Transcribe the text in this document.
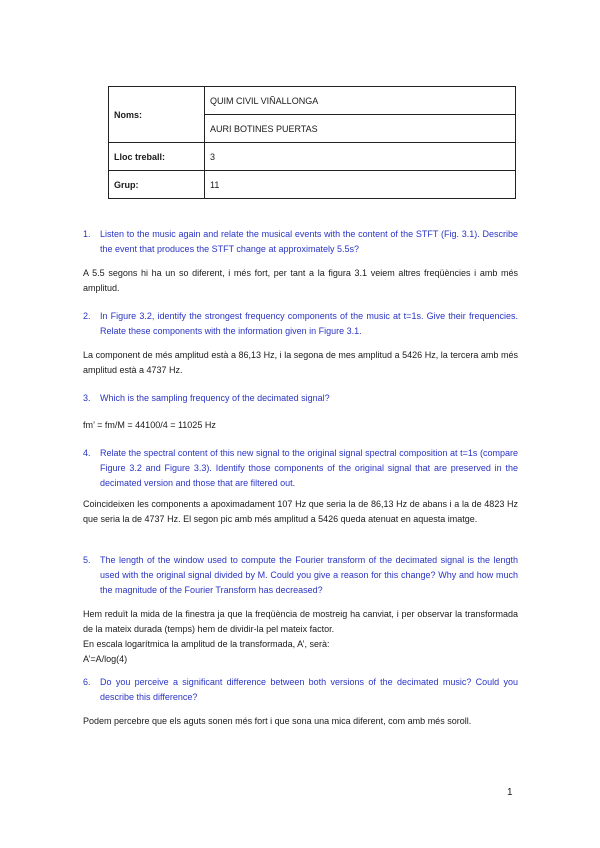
Noms:	QUIM CIVIL VIÑALLONGA
	AURI BOTINES PUERTAS
Lloc treball:	3
Grup:	11
1. Listen to the music again and relate the musical events with the content of the STFT (Fig. 3.1). Describe the event that produces the STFT change at approximately 5.5s?

A 5.5 segons hi ha un so diferent, i més fort, per tant a la figura 3.1 veiem altres freqüències i amb més amplitud.

2. In Figure 3.2, identify the strongest frequency components of the music at t=1s. Give their frequencies. Relate these components with the information given in Figure 3.1.

La component de més amplitud està a 86,13 Hz, i la segona de mes amplitud a 5426 Hz, la tercera amb més amplitud està a 4737 Hz.

3. Which is the sampling frequency of the decimated signal?

fm’ = fm/M = 44100/4 = 11025 Hz

4. Relate the spectral content of this new signal to the original signal spectral composition at t=1s (compare Figure 3.2 and Figure 3.3). Identify those components of the original signal that are preserved in the decimated version and those that are filtered out.

Coincideixen les components a apoximadament 107 Hz que seria la de 86,13 Hz de abans i a la de 4823 Hz que seria la de 4737 Hz. El segon pic amb més amplitud a 5426 queda atenuat en aquesta imatge.

5. The length of the window used to compute the Fourier transform of the decimated signal is the length used with the original signal divided by M. Could you give a reason for this change? Why and how much the magnitude of the Fourier Transform has decreased?

Hem reduït la mida de la finestra ja que la freqüència de mostreig ha canviat, i per observar la transformada de la mateix durada (temps) hem de dividir-la pel mateix factor.

En escala logarítmica la amplitud de la transformada, A’, serà:

A’=A/log(4)

6. Do you perceive a significant difference between both versions of the decimated music? Could you describe this difference?

Podem percebre que els aguts sonen més fort i que sona una mica diferent, com amb més soroll.

1
